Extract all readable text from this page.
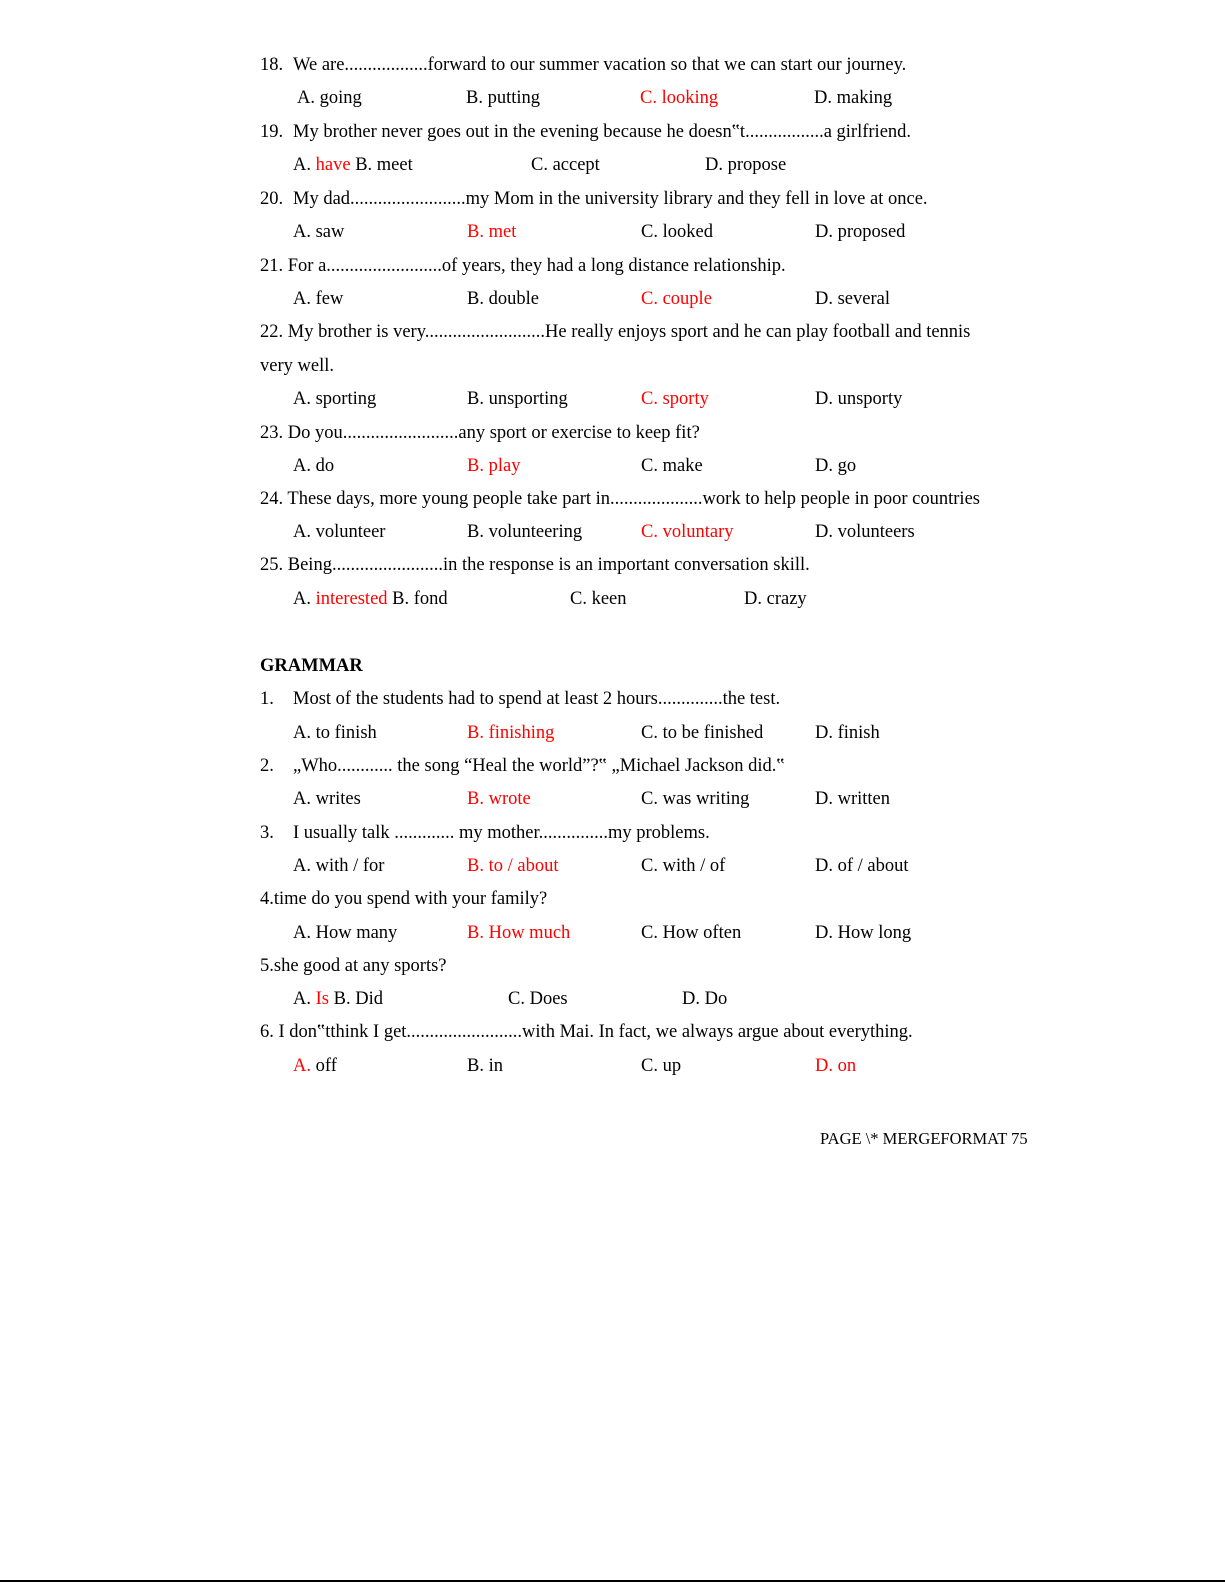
18. We are..................forward to our summer vacation so that we can start our journey.
A. going	B. putting	C. looking	D. making
19. My brother never goes out in the evening because he doesn‟t.................a girlfriend.
A. have B. meet	C. accept	D. propose
20. My dad.........................my Mom in the university library and they fell in love at once.
A. saw	B. met	C. looked	D. proposed
21. For a.........................of years, they had a long distance relationship.
A. few	B. double	C. couple	D. several
22. My brother is very..........................He really enjoys sport and he can play football and tennis
very well.
A. sporting	B. unsporting	C. sporty	D. unsporty
23. Do you.........................any sport or exercise to keep fit?
A. do	B. play	C. make	D. go
24. These days, more young people take part in....................work to help people in poor countries
A. volunteer	B. volunteering	C. voluntary	D. volunteers
25. Being........................in the response is an important conversation skill.
A. interested B. fond	C. keen	D. crazy
GRAMMAR
1. Most of the students had to spend at least 2 hours..............the test.
A. to finish	B. finishing	C. to be finished	D. finish
2. „Who............ the song “Heal the world”?‟ „Michael Jackson did.‟
A. writes	B. wrote	C. was writing	D. written
3. I usually talk ............. my mother...............my problems.
A. with / for	B. to / about	C. with / of	D. of / about
4.time do you spend with your family?
A. How many	B. How much	C. How often	D. How long
5.she good at any sports?
A. Is B. Did	C. Does	D. Do
6. I don‟tthink I get.........................with Mai. In fact, we always argue about everything.
A. off	B. in	C. up	D. on
PAGE \* MERGEFORMAT 75
